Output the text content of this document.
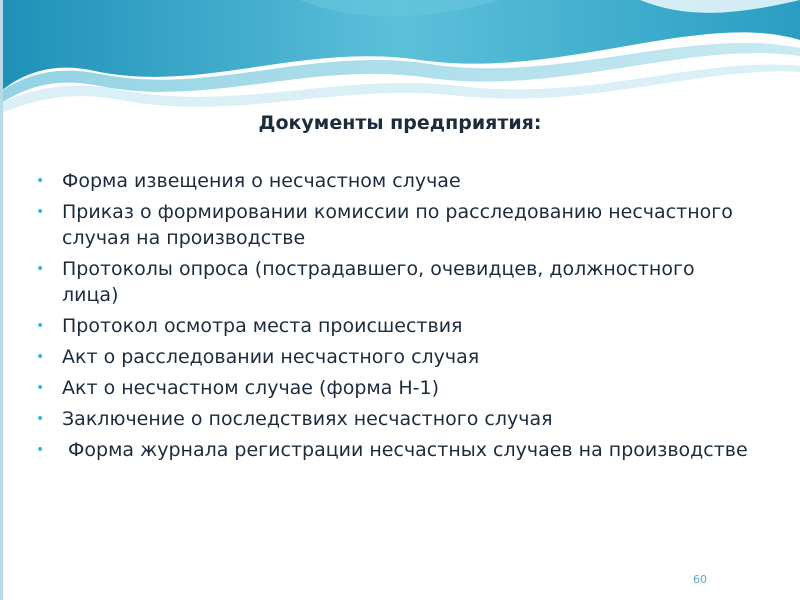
Документы предприятия:
• Форма извещения о несчастном случае
• Приказ о формировании комиссии по расследованию несчастного случая на производстве
• Протоколы опроса (пострадавшего, очевидцев, должностного лица)
• Протокол осмотра места происшествия
• Акт о расследовании несчастного случая
• Акт о несчастном случае (форма Н-1)
• Заключение о последствиях несчастного случая
• Форма журнала регистрации несчастных случаев на производстве
60
